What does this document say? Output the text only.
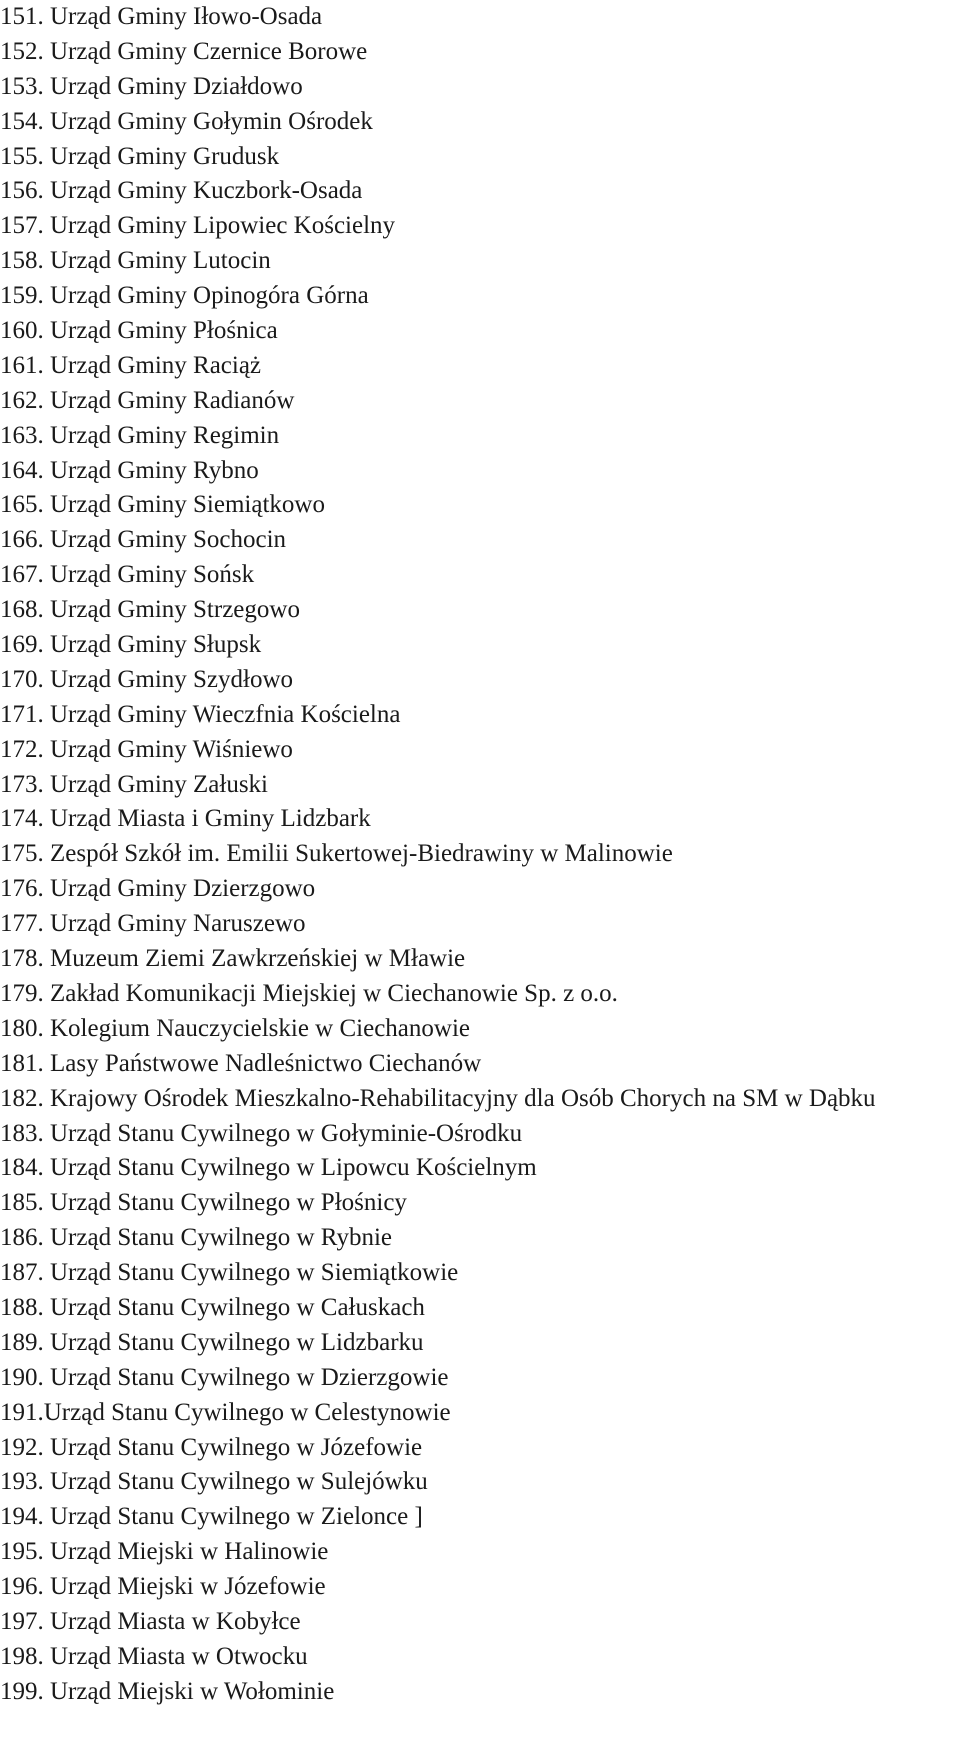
151. Urząd Gminy Iłowo-Osada
152. Urząd Gminy Czernice Borowe
153. Urząd Gminy Działdowo
154. Urząd Gminy Gołymin Ośrodek
155. Urząd Gminy Grudusk
156. Urząd Gminy Kuczbork-Osada
157. Urząd Gminy Lipowiec Kościelny
158. Urząd Gminy Lutocin
159. Urząd Gminy Opinogóra Górna
160. Urząd Gminy Płośnica
161. Urząd Gminy Raciąż
162. Urząd Gminy Radianów
163. Urząd Gminy Regimin
164. Urząd Gminy Rybno
165. Urząd Gminy Siemiątkowo
166. Urząd Gminy Sochocin
167. Urząd Gminy Sońsk
168. Urząd Gminy Strzegowo
169. Urząd Gminy Słupsk
170. Urząd Gminy Szydłowo
171. Urząd Gminy Wieczfnia Kościelna
172. Urząd Gminy Wiśniewo
173. Urząd Gminy Załuski
174. Urząd Miasta i Gminy Lidzbark
175. Zespół Szkół im. Emilii Sukertowej-Biedrawiny w Malinowie
176. Urząd Gminy Dzierzgowo
177. Urząd Gminy Naruszewo
178. Muzeum Ziemi Zawkrzeńskiej w Mławie
179. Zakład Komunikacji Miejskiej w Ciechanowie Sp. z o.o.
180. Kolegium Nauczycielskie w Ciechanowie
181. Lasy Państwowe Nadleśnictwo Ciechanów
182. Krajowy Ośrodek Mieszkalno-Rehabilitacyjny dla Osób Chorych na SM w Dąbku
183. Urząd Stanu Cywilnego w Gołyminie-Ośrodku
184. Urząd Stanu Cywilnego w Lipowcu Kościelnym
185. Urząd Stanu Cywilnego w Płośnicy
186. Urząd Stanu Cywilnego w Rybnie
187. Urząd Stanu Cywilnego w Siemiątkowie
188. Urząd Stanu Cywilnego w Całuskach
189. Urząd Stanu Cywilnego w Lidzbarku
190. Urząd Stanu Cywilnego w Dzierzgowie
191.Urząd Stanu Cywilnego w Celestynowie
192. Urząd Stanu Cywilnego w Józefowie
193. Urząd Stanu Cywilnego w Sulejówku
194. Urząd Stanu Cywilnego w Zielonce ]
195. Urząd Miejski w Halinowie
196. Urząd Miejski w Józefowie
197. Urząd Miasta w Kobyłce
198. Urząd Miasta w Otwocku
199. Urząd Miejski w Wołominie
